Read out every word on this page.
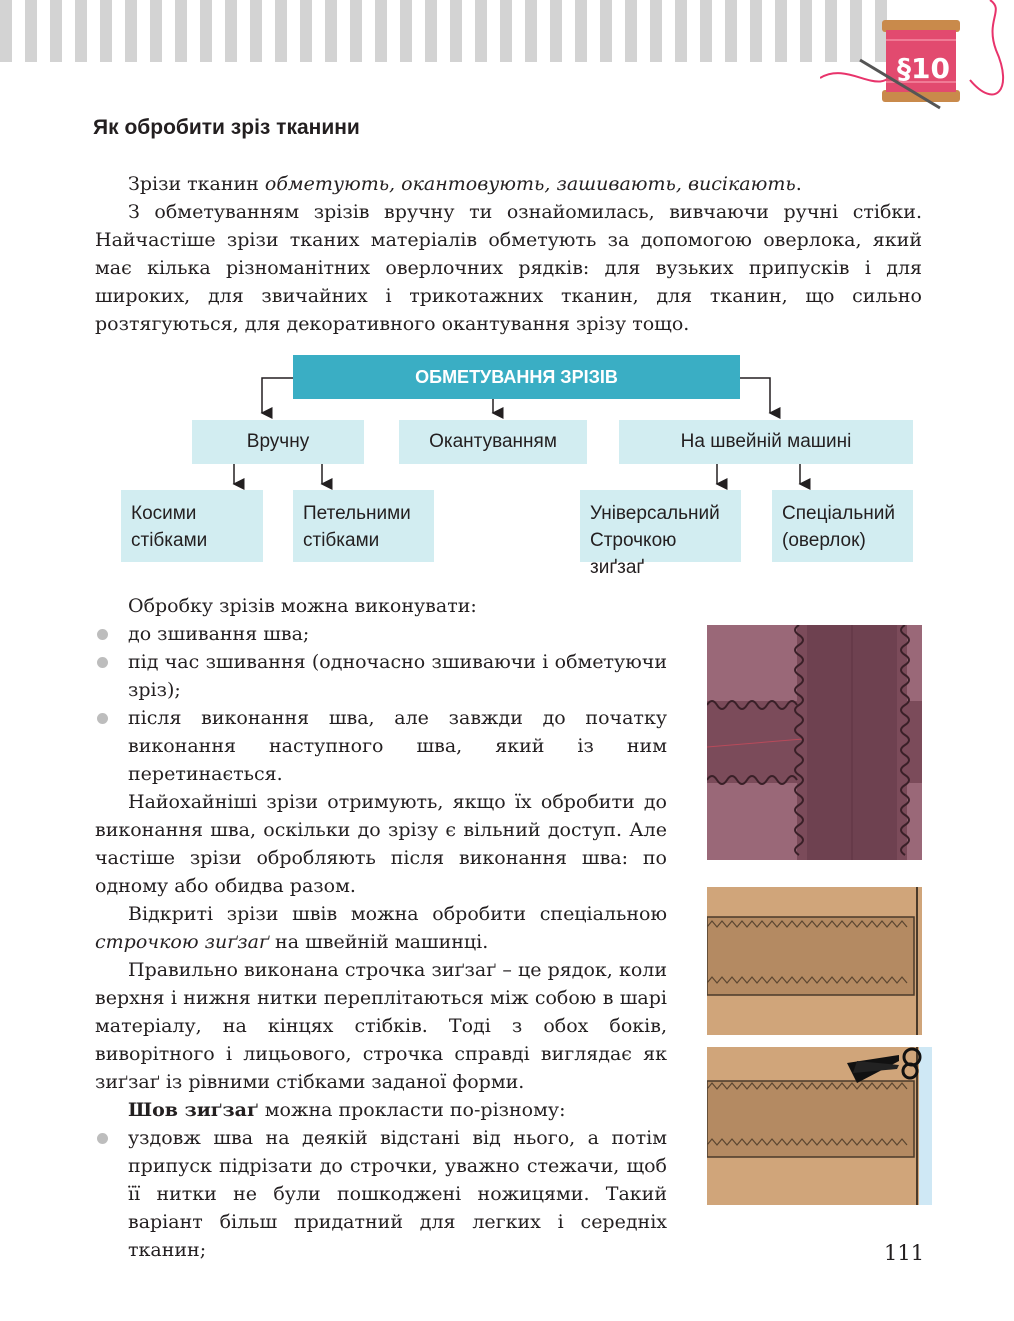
§10
Як обробити зріз тканини

Зрізи тканин обметують, окантовують, зашивають, висікають.

З обметуванням зрізів вручну ти ознайомилась, вивчаючи ручні стібки. Найчастіше зрізи тканих матеріалів обметують за допомогою оверлока, який має кілька різноманітних оверлочних рядків: для вузьких припусків і для широких, для звичайних і трикотажних тканин, для тканин, що сильно розтягуються, для декоративного окантування зрізу тощо.

ОБМЕТУВАННЯ ЗРІЗІВ
Вручну	Окантуванням	На швейній машині
Косими
стібками
Петельними
стібками
Універсальний
Строчкою зиґзаґ
Спеціальний
(оверлок)

Обробку зрізів можна виконувати:

до зшивання шва;

під час зшивання (одночасно зшиваючи і обметуючи зріз);

після виконання шва, але завжди до початку виконання наступного шва, який із ним перетинається.

Найохайніші зрізи отримують, якщо їх обробити до виконання шва, оскільки до зрізу є вільний доступ. Але частіше зрізи обробляють після виконання шва: по одному або обидва разом.

Відкриті зрізи швів можна обробити спеціальною строчкою зиґзаґ на швейній машинці.

Правильно виконана строчка зиґзаґ – це рядок, коли верхня і нижня нитки переплітаються між собою в шарі матеріалу, на кінцях стібків. Тоді з обох боків, виворітного і лицьового, строчка справді виглядає як зиґзаґ із рівними стібками заданої форми.

Шов зиґзаґ можна прокласти по-різному:

уздовж шва на деякій відстані від нього, а потім припуск підрізати до строчки, уважно стежачи, щоб її нитки не були пошкоджені ножицями. Такий варіант більш придатний для легких і середніх тканин;	111
